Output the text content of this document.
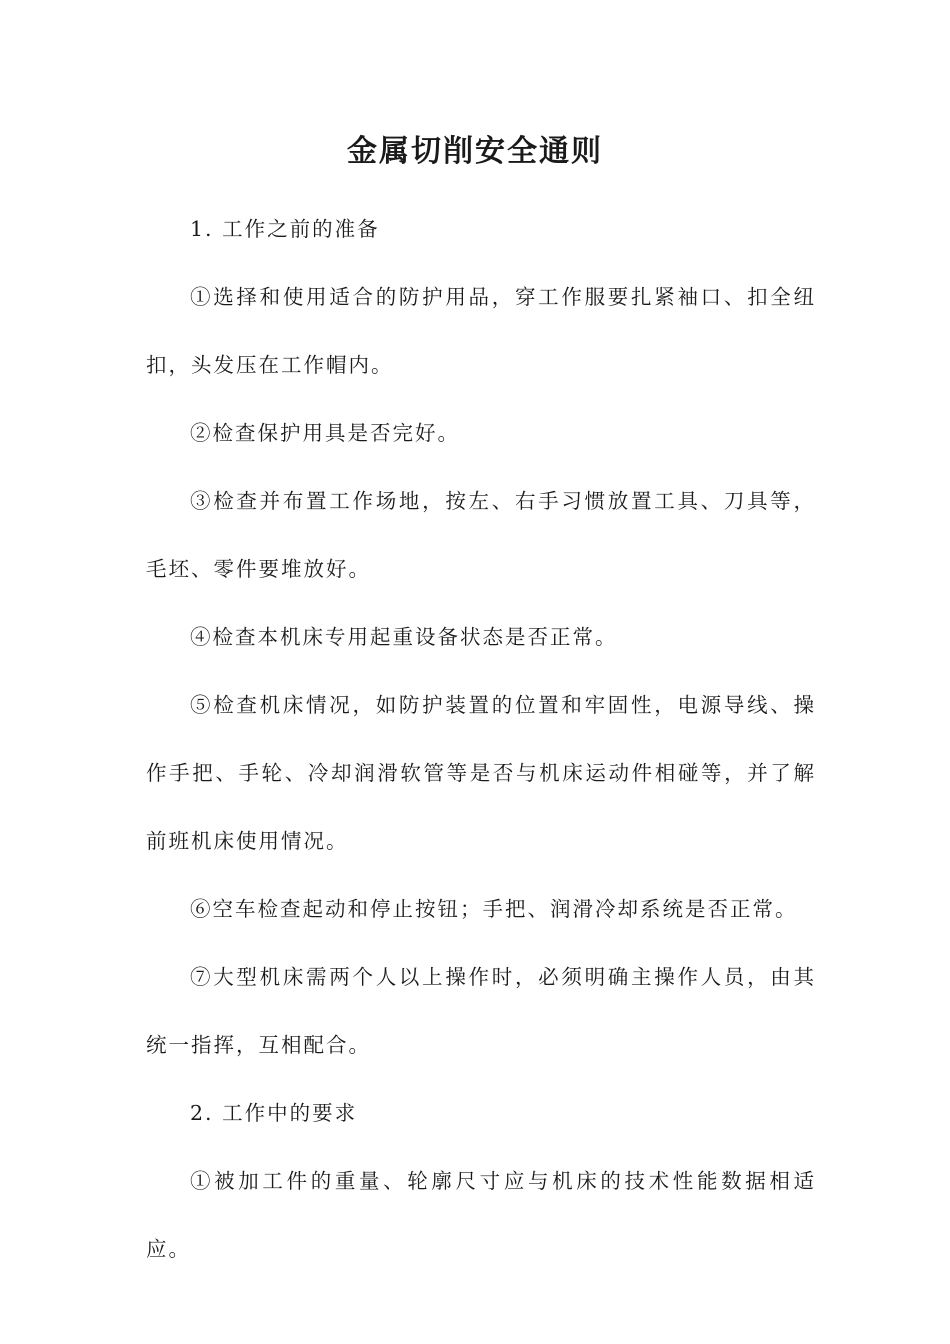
金属切削安全通则

1. 工作之前的准备

①选择和使用适合的防护用品，穿工作服要扎紧袖口、扣全纽扣，头发压在工作帽内。

②检查保护用具是否完好。

③检查并布置工作场地，按左、右手习惯放置工具、刀具等，毛坯、零件要堆放好。

④检查本机床专用起重设备状态是否正常。

⑤检查机床情况，如防护装置的位置和牢固性，电源导线、操作手把、手轮、冷却润滑软管等是否与机床运动件相碰等，并了解前班机床使用情况。

⑥空车检查起动和停止按钮；手把、润滑冷却系统是否正常。

⑦大型机床需两个人以上操作时，必须明确主操作人员，由其统一指挥，互相配合。

2. 工作中的要求

①被加工件的重量、轮廓尺寸应与机床的技术性能数据相适应。
